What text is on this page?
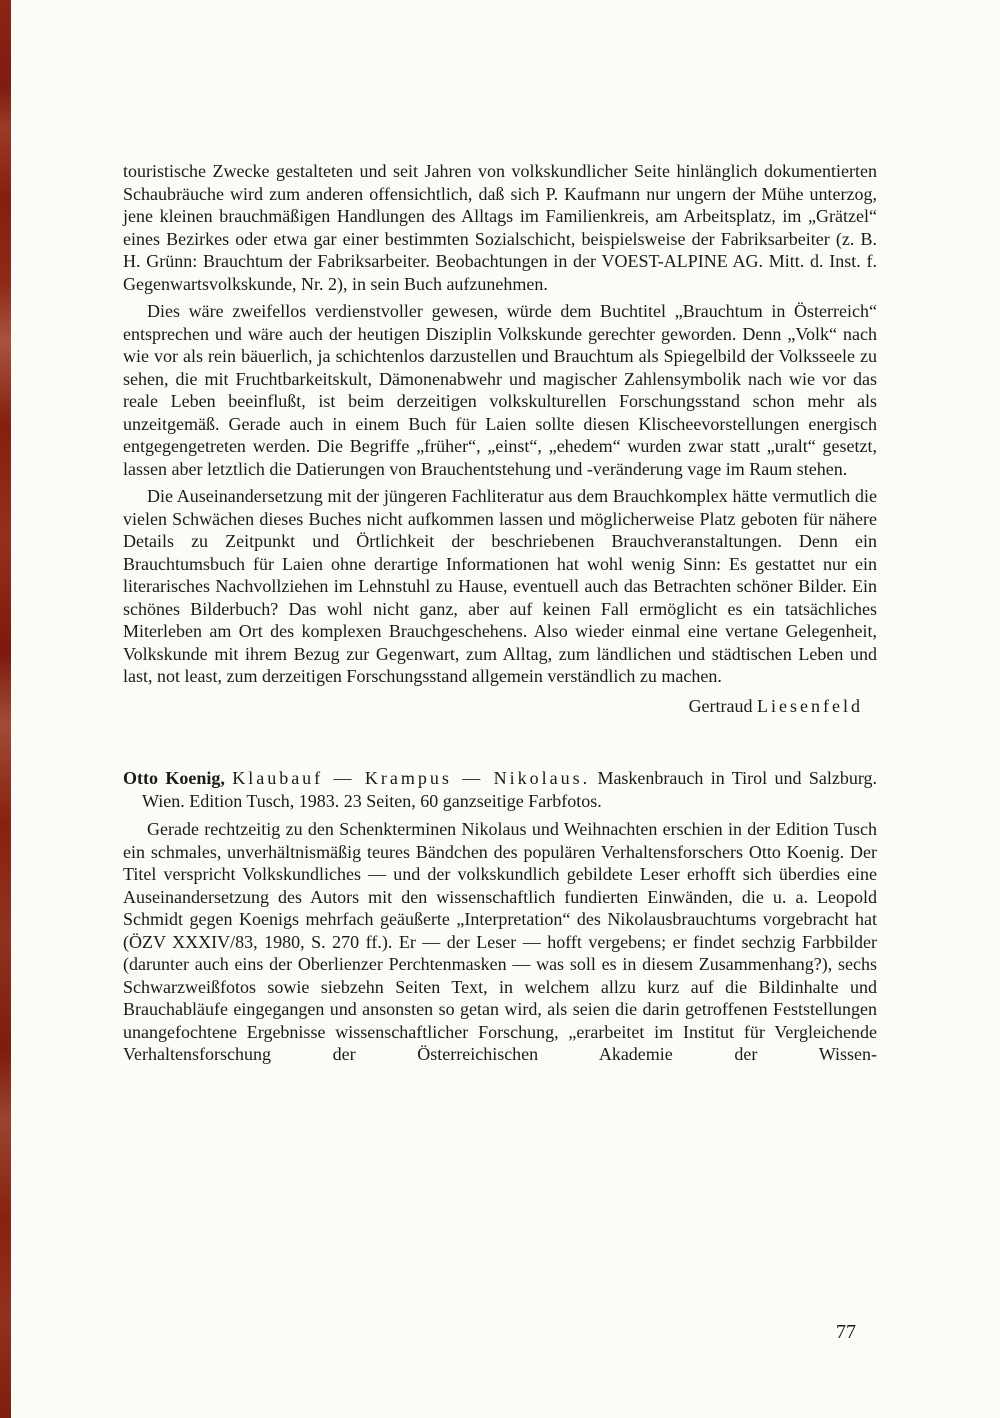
touristische Zwecke gestalteten und seit Jahren von volkskundlicher Seite hinlänglich dokumentierten Schaubräuche wird zum anderen offensichtlich, daß sich P. Kaufmann nur ungern der Mühe unterzog, jene kleinen brauchmäßigen Handlungen des Alltags im Familienkreis, am Arbeitsplatz, im „Grätzel“ eines Bezirkes oder etwa gar einer bestimmten Sozialschicht, beispielsweise der Fabriksarbeiter (z. B. H. Grünn: Brauchtum der Fabriksarbeiter. Beobachtungen in der VOEST-ALPINE AG. Mitt. d. Inst. f. Gegenwartsvolkskunde, Nr. 2), in sein Buch aufzunehmen.

Dies wäre zweifellos verdienstvoller gewesen, würde dem Buchtitel „Brauchtum in Österreich“ entsprechen und wäre auch der heutigen Disziplin Volkskunde gerechter geworden. Denn „Volk“ nach wie vor als rein bäuerlich, ja schichtenlos darzustellen und Brauchtum als Spiegelbild der Volksseele zu sehen, die mit Fruchtbarkeitskult, Dämonenabwehr und magischer Zahlensymbolik nach wie vor das reale Leben beeinflußt, ist beim derzeitigen volkskulturellen Forschungsstand schon mehr als unzeitgemäß. Gerade auch in einem Buch für Laien sollte diesen Klischeevorstellungen energisch entgegengetreten werden. Die Begriffe „früher“, „einst“, „ehedem“ wurden zwar statt „uralt“ gesetzt, lassen aber letztlich die Datierungen von Brauchentstehung und -veränderung vage im Raum stehen.

Die Auseinandersetzung mit der jüngeren Fachliteratur aus dem Brauchkomplex hätte vermutlich die vielen Schwächen dieses Buches nicht aufkommen lassen und möglicherweise Platz geboten für nähere Details zu Zeitpunkt und Örtlichkeit der beschriebenen Brauchveranstaltungen. Denn ein Brauchtumsbuch für Laien ohne derartige Informationen hat wohl wenig Sinn: Es gestattet nur ein literarisches Nachvollziehen im Lehnstuhl zu Hause, eventuell auch das Betrachten schöner Bilder. Ein schönes Bilderbuch? Das wohl nicht ganz, aber auf keinen Fall ermöglicht es ein tatsächliches Miterleben am Ort des komplexen Brauchgeschehens. Also wieder einmal eine vertane Gelegenheit, Volkskunde mit ihrem Bezug zur Gegenwart, zum Alltag, zum ländlichen und städtischen Leben und last, not least, zum derzeitigen Forschungsstand allgemein verständlich zu machen.

Gertraud Liesenfeld
Otto Koenig, Klaubauf — Krampus — Nikolaus. Maskenbrauch in Tirol und Salzburg. Wien. Edition Tusch, 1983. 23 Seiten, 60 ganzseitige Farbfotos.

Gerade rechtzeitig zu den Schenkterminen Nikolaus und Weihnachten erschien in der Edition Tusch ein schmales, unverhältnismäßig teures Bändchen des populären Verhaltensforschers Otto Koenig. Der Titel verspricht Volkskundliches — und der volkskundlich gebildete Leser erhofft sich überdies eine Auseinandersetzung des Autors mit den wissenschaftlich fundierten Einwänden, die u. a. Leopold Schmidt gegen Koenigs mehrfach geäußerte „Interpretation“ des Nikolausbrauchtums vorgebracht hat (ÖZV XXXIV/83, 1980, S. 270 ff.). Er — der Leser — hofft vergebens; er findet sechzig Farbbilder (darunter auch eins der Oberlienzer Perchtenmasken — was soll es in diesem Zusammenhang?), sechs Schwarzweißfotos sowie siebzehn Seiten Text, in welchem allzu kurz auf die Bildinhalte und Brauchabläufe eingegangen und ansonsten so getan wird, als seien die darin getroffenen Feststellungen unangefochtene Ergebnisse wissenschaftlicher Forschung, „erarbeitet im Institut für Vergleichende Verhaltensforschung der Österreichischen Akademie der Wissen-

77
